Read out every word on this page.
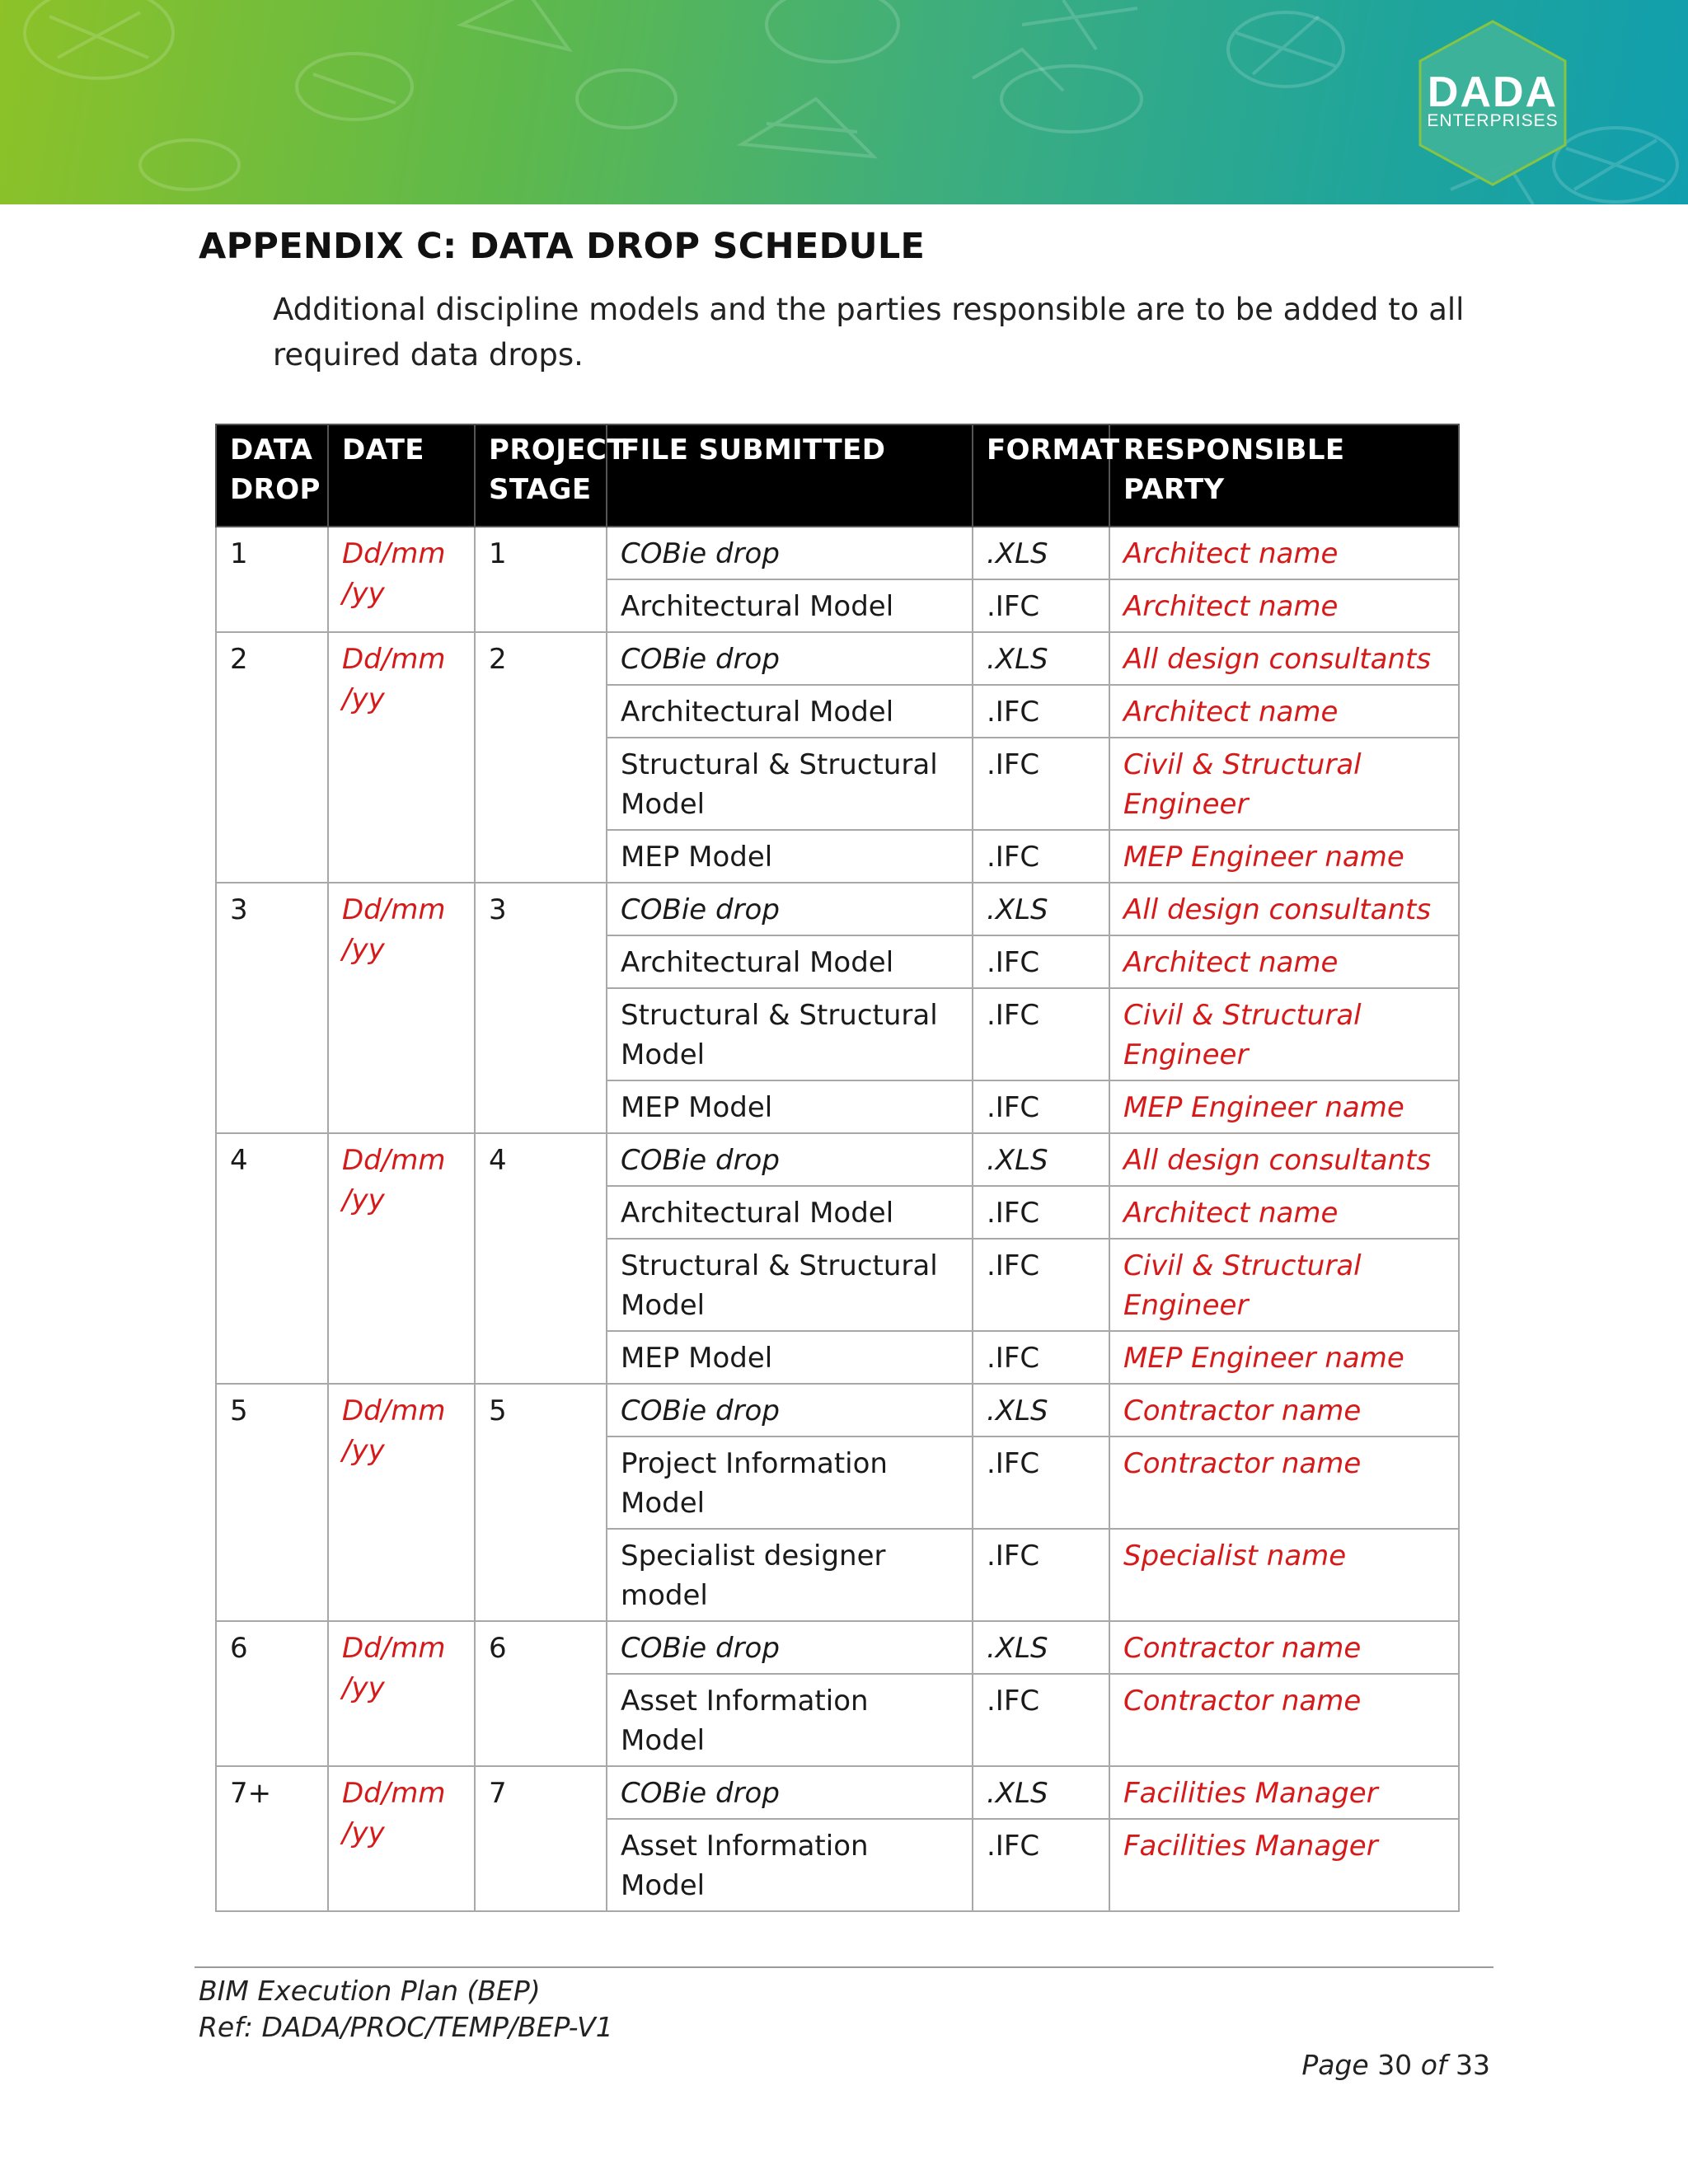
DADA
ENTERPRISES
APPENDIX C: DATA DROP SCHEDULE
Additional discipline models and the parties responsible are to be added to all required data drops.
DATA DROP	DATE	PROJECT STAGE	FILE SUBMITTED	FORMAT	RESPONSIBLE PARTY
1	Dd/mm /yy	1	COBie drop	.XLS	Architect name
			Architectural Model	.IFC	Architect name
2	Dd/mm /yy	2	COBie drop	.XLS	All design consultants
			Architectural Model	.IFC	Architect name
			Structural & Structural Model	.IFC	Civil & Structural Engineer
			MEP Model	.IFC	MEP Engineer name
3	Dd/mm /yy	3	COBie drop	.XLS	All design consultants
			Architectural Model	.IFC	Architect name
			Structural & Structural Model	.IFC	Civil & Structural Engineer
			MEP Model	.IFC	MEP Engineer name
4	Dd/mm /yy	4	COBie drop	.XLS	All design consultants
			Architectural Model	.IFC	Architect name
			Structural & Structural Model	.IFC	Civil & Structural Engineer
			MEP Model	.IFC	MEP Engineer name
5	Dd/mm /yy	5	COBie drop	.XLS	Contractor name
			Project Information Model	.IFC	Contractor name
			Specialist designer model	.IFC	Specialist name
6	Dd/mm /yy	6	COBie drop	.XLS	Contractor name
			Asset Information Model	.IFC	Contractor name
7+	Dd/mm /yy	7	COBie drop	.XLS	Facilities Manager
			Asset Information Model	.IFC	Facilities Manager
BIM Execution Plan (BEP)
Ref: DADA/PROC/TEMP/BEP-V1
Page 30 of 33
